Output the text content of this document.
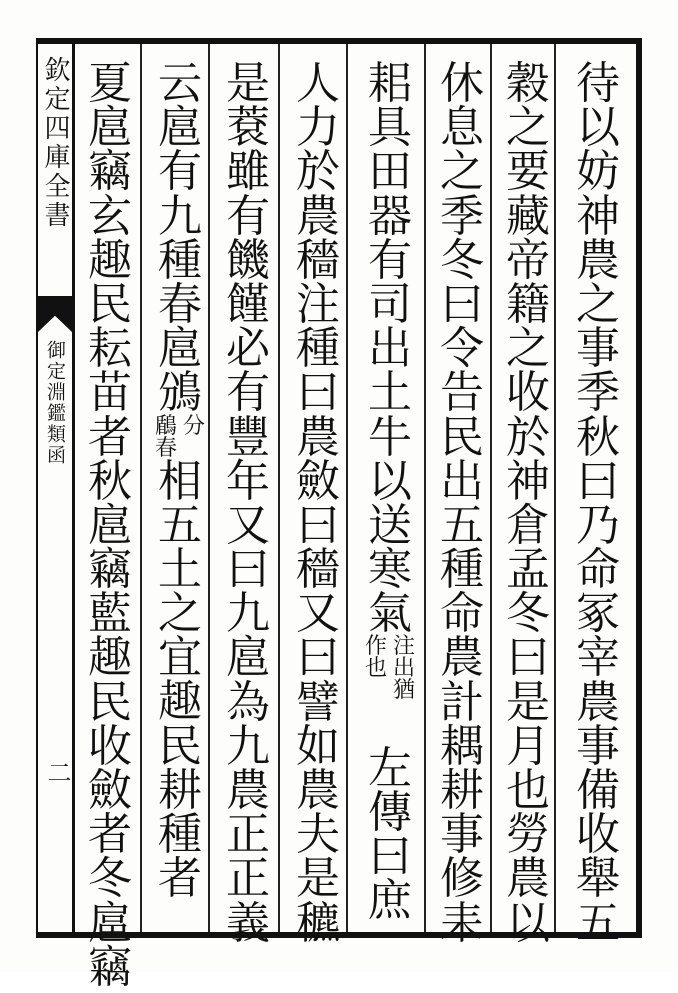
欽定四庫全書
御定淵鑑類函
二
待
以
妨
神
農
之
事
季
秋
曰
乃
命
冢
宰
農
事
備
收
舉
五
穀
之
要
藏
帝
籍
之
收
於
神
倉
孟
冬
曰
是
月
也
勞
農
以
休
息
之
季
冬
曰
令
告
民
出
五
種
命
農
計
耦
耕
事
修
耒
耜
具
田
器
有
司
出
土
牛
以
送
寒
氣
注
出
猶
作
也
左
傳
曰
庶
人
力
於
農
穡
注
種
曰
農
斂
曰
穡
又
曰
譬
如
農
夫
是
穮
是
蔉
雖
有
饑
饉
必
有
豐
年
又
曰
九
扈
為
九
農
正
正
義
云
扈
有
九
種
春
扈
鳻
分
鶞
春
相
五
土
之
宜
趣
民
耕
種
者
夏
扈
竊
玄
趣
民
耘
苗
者
秋
扈
竊
藍
趣
民
收
斂
者
冬
扈
竊
